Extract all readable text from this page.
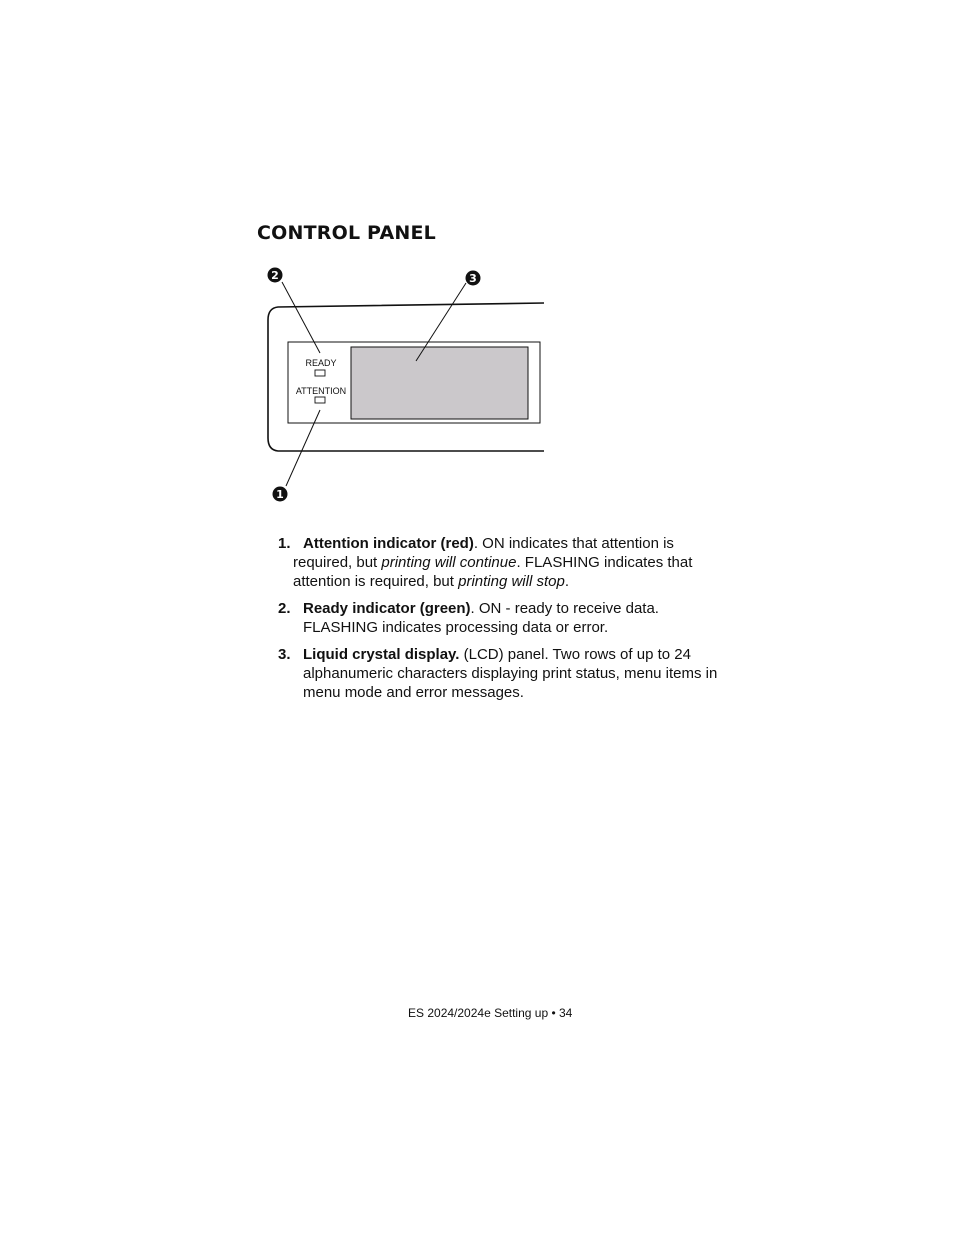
CONTROL PANEL
READY
ATTENTION
2	3
1
1. Attention indicator (red). ON indicates that attention is
required, but printing will continue. FLASHING indicates that
attention is required, but printing will stop.
2. Ready indicator (green). ON - ready to receive data.
FLASHING indicates processing data or error.
3. Liquid crystal display. (LCD) panel. Two rows of up to 24
alphanumeric characters displaying print status, menu items in
menu mode and error messages.
ES 2024/2024e Setting up • 34
